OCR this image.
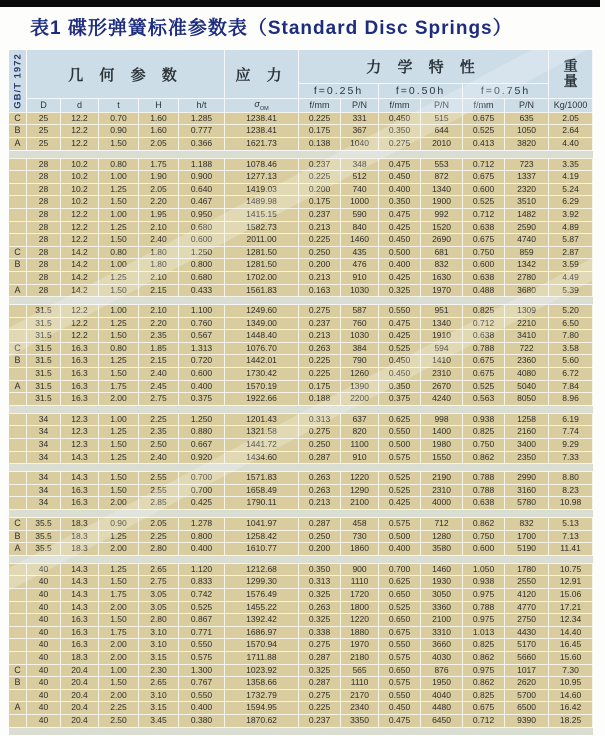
表1 碟形弹簧标准参数表（Standard Disc Springs）
GB/T 1972	几 何 参 数					应 力	力 学 特 性						重
量

							f=0.25h		f=0.50h		f=0.75h		
	D	d	t	H	h/t	$\sigma_{OM}$	f/mm	P/N	f/mm	P/N	f/mm	P/N	Kg/1000
C	25	12.2	0.70	1.60	1.285	1238.41	0.225	331	0.450	515	0.675	635	2.05
B	25	12.2	0.90	1.60	0.777	1238.41	0.175	367	0.350	644	0.525	1050	2.64
A	25	12.2	1.50	2.05	0.366	1621.73	0.138	1040	0.275	2010	0.413	3820	4.40

	28	10.2	0.80	1.75	1.188	1078.46	0.237	348	0.475	553	0.712	723	3.35
	28	10.2	1.00	1.90	0.900	1277.13	0.225	512	0.450	872	0.675	1337	4.19
	28	10.2	1.25	2.05	0.640	1419.03	0.200	740	0.400	1340	0.600	2320	5.24
	28	10.2	1.50	2.20	0.467	1489.98	0.175	1000	0.350	1900	0.525	3510	6.29
	28	12.2	1.00	1.95	0.950	1415.15	0.237	590	0.475	992	0.712	1482	3.92
	28	12.2	1.25	2.10	0.680	1582.73	0.213	840	0.425	1520	0.638	2590	4.89
	28	12.2	1.50	2.40	0.600	2011.00	0.225	1460	0.450	2690	0.675	4740	5.87
C	28	14.2	0.80	1.80	1.250	1281.50	0.250	435	0.500	681	0.750	859	2.87
B	28	14.2	1.00	1.80	0.800	1281.50	0.200	476	0.400	832	0.600	1342	3.59
	28	14.2	1.25	2.10	0.680	1702.00	0.213	910	0.425	1630	0.638	2780	4.49
A	28	14.2	1.50	2.15	0.433	1561.83	0.163	1030	0.325	1970	0.488	3680	5.39

	31.5	12.2	1.00	2.10	1.100	1249.60	0.275	587	0.550	951	0.825	1309	5.20
	31.5	12.2	1.25	2.20	0.760	1349.00	0.237	760	0.475	1340	0.712	2210	6.50
	31.5	12.2	1.50	2.35	0.567	1448.40	0.213	1030	0.425	1910	0.638	3410	7.80
C	31.5	16.3	0.80	1.85	1.313	1076.70	0.263	384	0.525	594	0.788	722	3.58
B	31.5	16.3	1.25	2.15	0.720	1442.01	0.225	790	0.450	1410	0.675	2360	5.60
	31.5	16.3	1.50	2.40	0.600	1730.42	0.225	1260	0.450	2310	0.675	4080	6.72
A	31.5	16.3	1.75	2.45	0.400	1570.19	0.175	1390	0.350	2670	0.525	5040	7.84
	31.5	16.3	2.00	2.75	0.375	1922.66	0.188	2200	0.375	4240	0.563	8050	8.96

	34	12.3	1.00	2.25	1.250	1201.43	0.313	637	0.625	998	0.938	1258	6.19
	34	12.3	1.25	2.35	0.880	1321.58	0.275	820	0.550	1400	0.825	2160	7.74
	34	12.3	1.50	2.50	0.667	1441.72	0.250	1100	0.500	1980	0.750	3400	9.29
	34	14.3	1.25	2.40	0.920	1434.60	0.287	910	0.575	1550	0.862	2350	7.33

	34	14.3	1.50	2.55	0.700	1571.83	0.263	1220	0.525	2190	0.788	2990	8.80
	34	16.3	1.50	2.55	0.700	1658.49	0.263	1290	0.525	2310	0.788	3160	8.23
	34	16.3	2.00	2.85	0.425	1790.11	0.213	2100	0.425	4000	0.638	5780	10.98

C	35.5	18.3	0.90	2.05	1.278	1041.97	0.287	458	0.575	712	0.862	832	5.13
B	35.5	18.3	1.25	2.25	0.800	1258.42	0.250	730	0.500	1280	0.750	1700	7.13
A	35.5	18.3	2.00	2.80	0.400	1610.77	0.200	1860	0.400	3580	0.600	5190	11.41

	40	14.3	1.25	2.65	1.120	1212.68	0.350	900	0.700	1460	1.050	1780	10.75
	40	14.3	1.50	2.75	0.833	1299.30	0.313	1110	0.625	1930	0.938	2550	12.91
	40	14.3	1.75	3.05	0.742	1576.49	0.325	1720	0.650	3050	0.975	4120	15.06
	40	14.3	2.00	3.05	0.525	1455.22	0.263	1800	0.525	3360	0.788	4770	17.21
	40	16.3	1.50	2.80	0.867	1392.42	0.325	1220	0.650	2100	0.975	2750	12.34
	40	16.3	1.75	3.10	0.771	1686.97	0.338	1880	0.675	3310	1.013	4430	14.40
	40	16.3	2.00	3.10	0.550	1570.94	0.275	1970	0.550	3660	0.825	5170	16.45
	40	18.3	2.00	3.15	0.575	1711.88	0.287	2180	0.575	4030	0.862	5660	15.60
C	40	20.4	1.00	2.30	1.300	1023.92	0.325	565	0.650	876	0.975	1017	7.30
B	40	20.4	1.50	2.65	0.767	1358.66	0.287	1110	0.575	1950	0.862	2620	10.95
	40	20.4	2.00	3.10	0.550	1732.79	0.275	2170	0.550	4040	0.825	5700	14.60
A	40	20.4	2.25	3.15	0.400	1594.95	0.225	2340	0.450	4480	0.675	6500	16.42
	40	20.4	2.50	3.45	0.380	1870.62	0.237	3350	0.475	6450	0.712	9390	18.25
